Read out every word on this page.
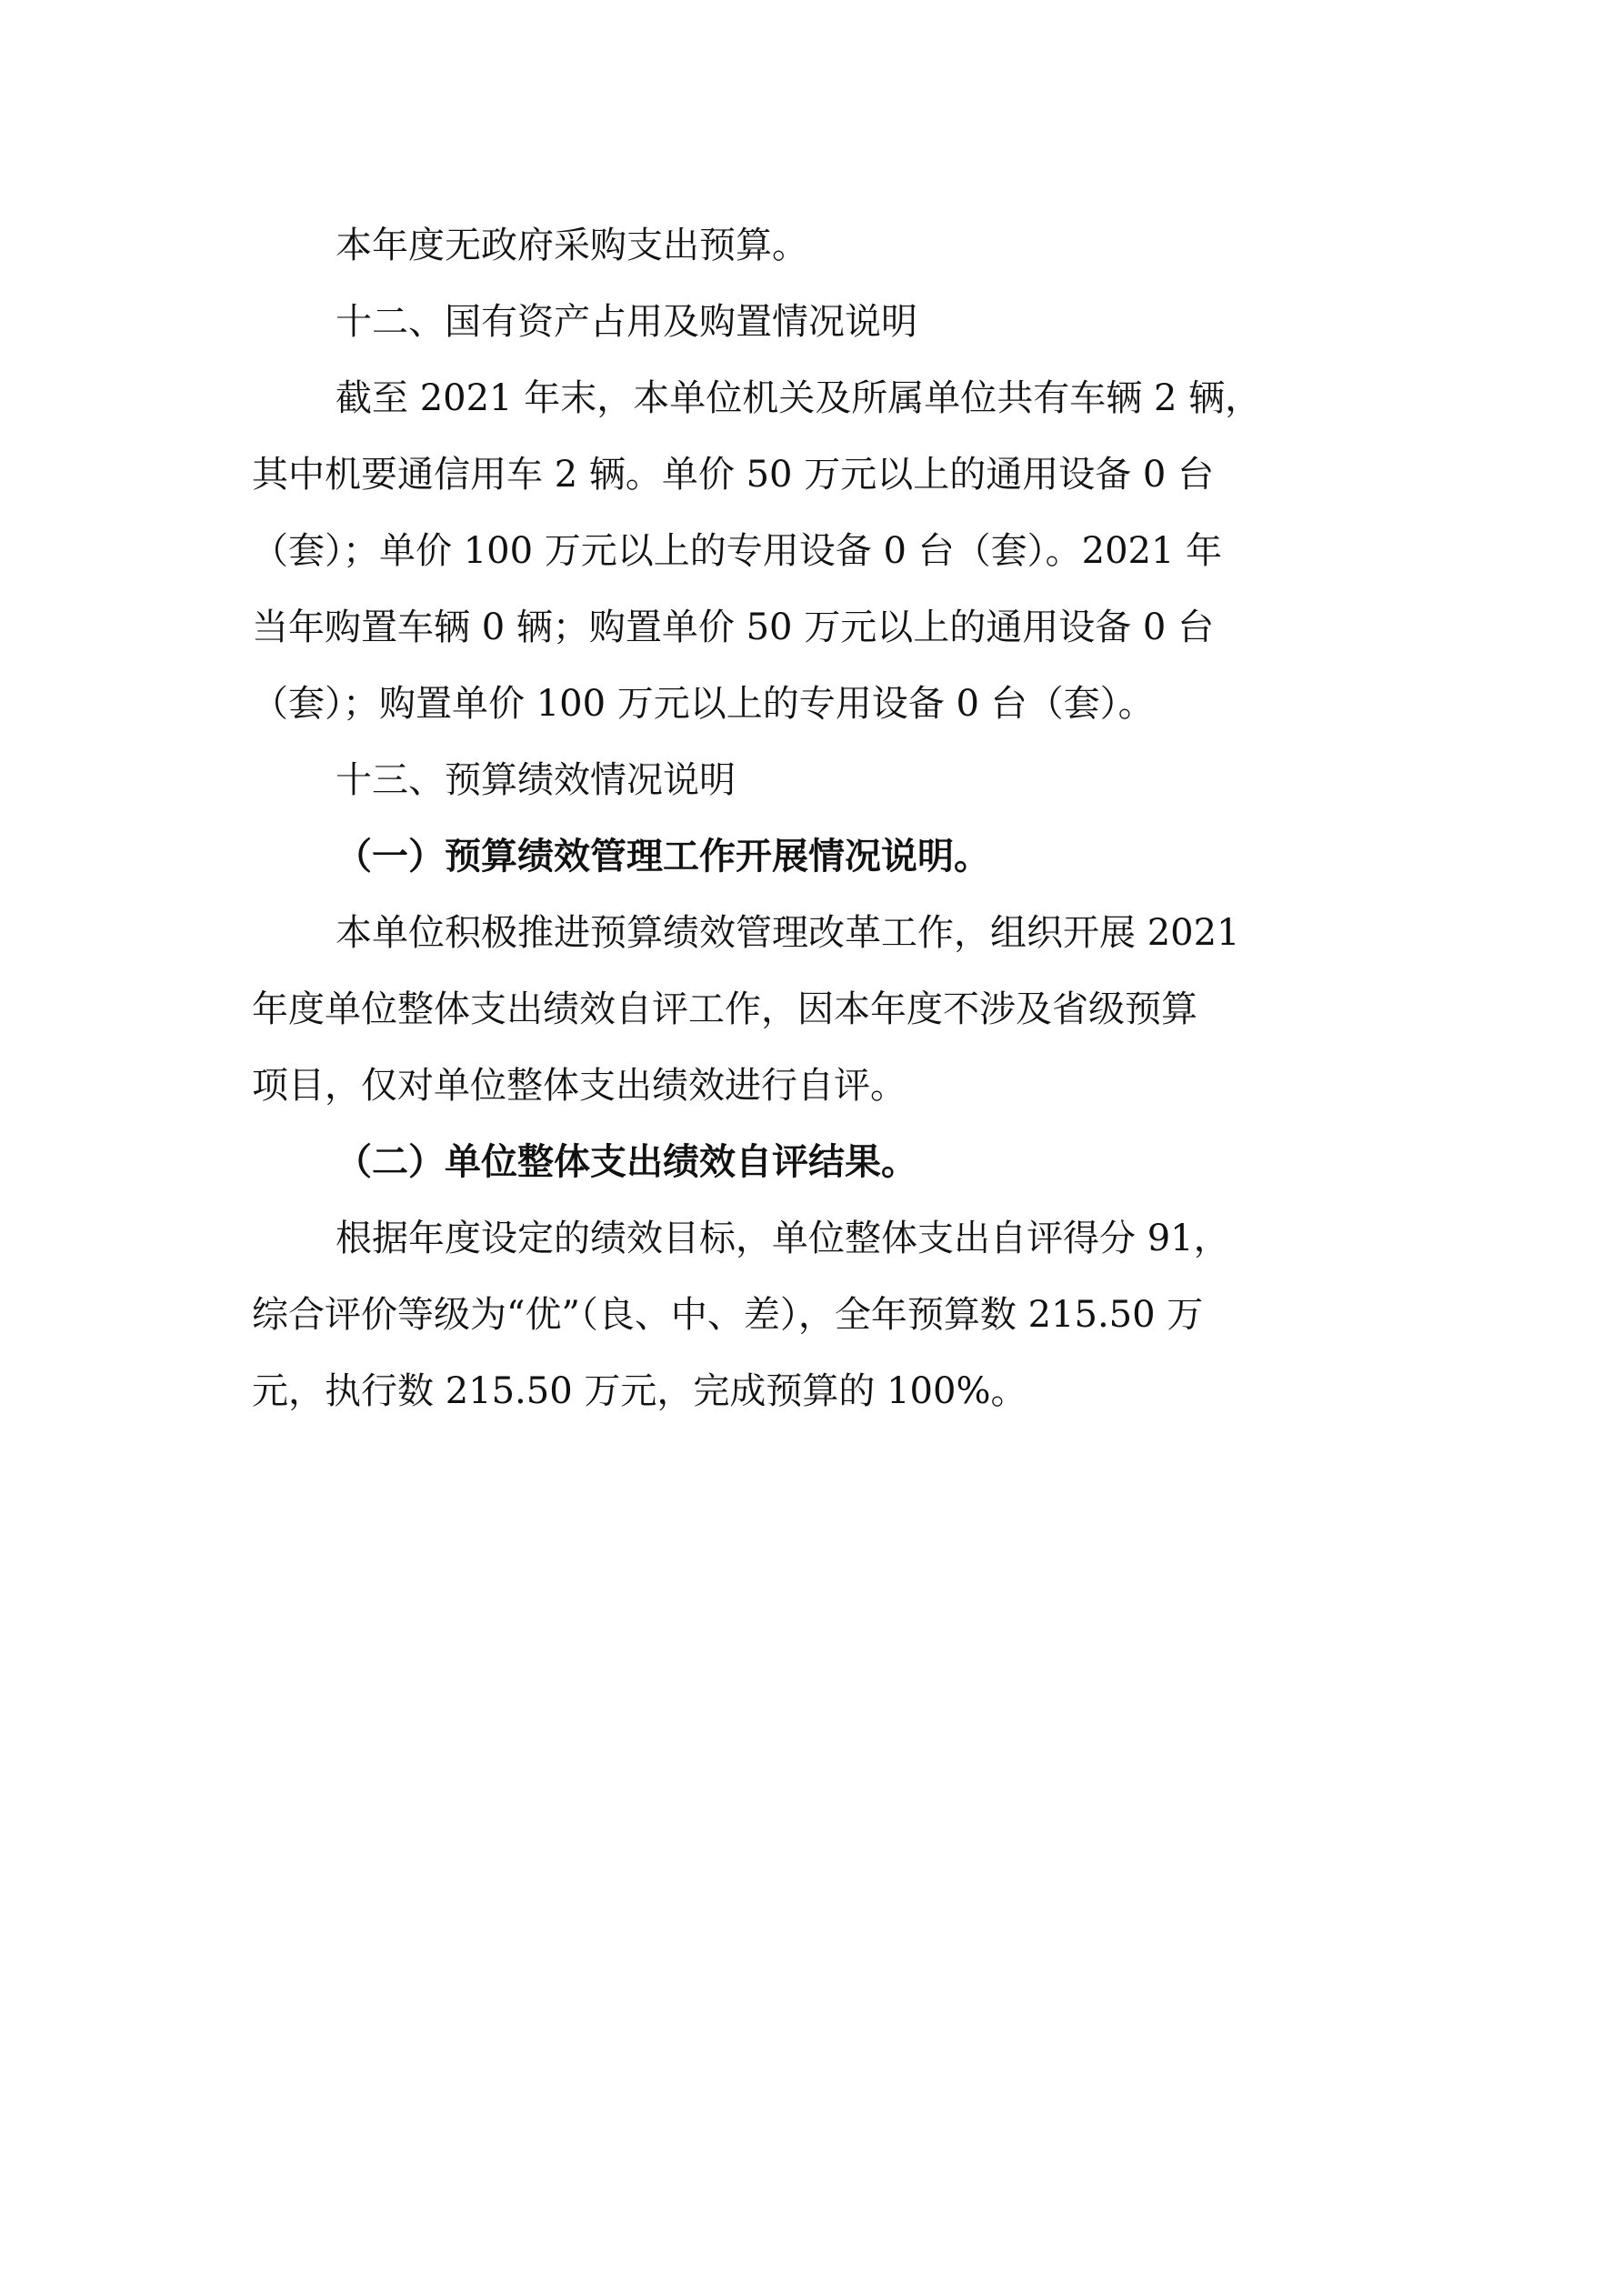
本年度无政府采购支出预算。
十二、国有资产占用及购置情况说明
截至 2021 年末，本单位机关及所属单位共有车辆 2 辆，
其中机要通信用车 2 辆。单价 50 万元以上的通用设备 0 台
（套）；单价 100 万元以上的专用设备 0 台（套）。2021 年
当年购置车辆 0 辆；购置单价 50 万元以上的通用设备 0 台
（套）；购置单价 100 万元以上的专用设备 0 台（套）。
十三、预算绩效情况说明
（一）预算绩效管理工作开展情况说明。
本单位积极推进预算绩效管理改革工作，组织开展 2021
年度单位整体支出绩效自评工作，因本年度不涉及省级预算
项目，仅对单位整体支出绩效进行自评。
（二）单位整体支出绩效自评结果。
根据年度设定的绩效目标，单位整体支出自评得分 91，
综合评价等级为“优”（良、中、差），全年预算数 215.50 万
元，执行数 215.50 万元，完成预算的 100%。
